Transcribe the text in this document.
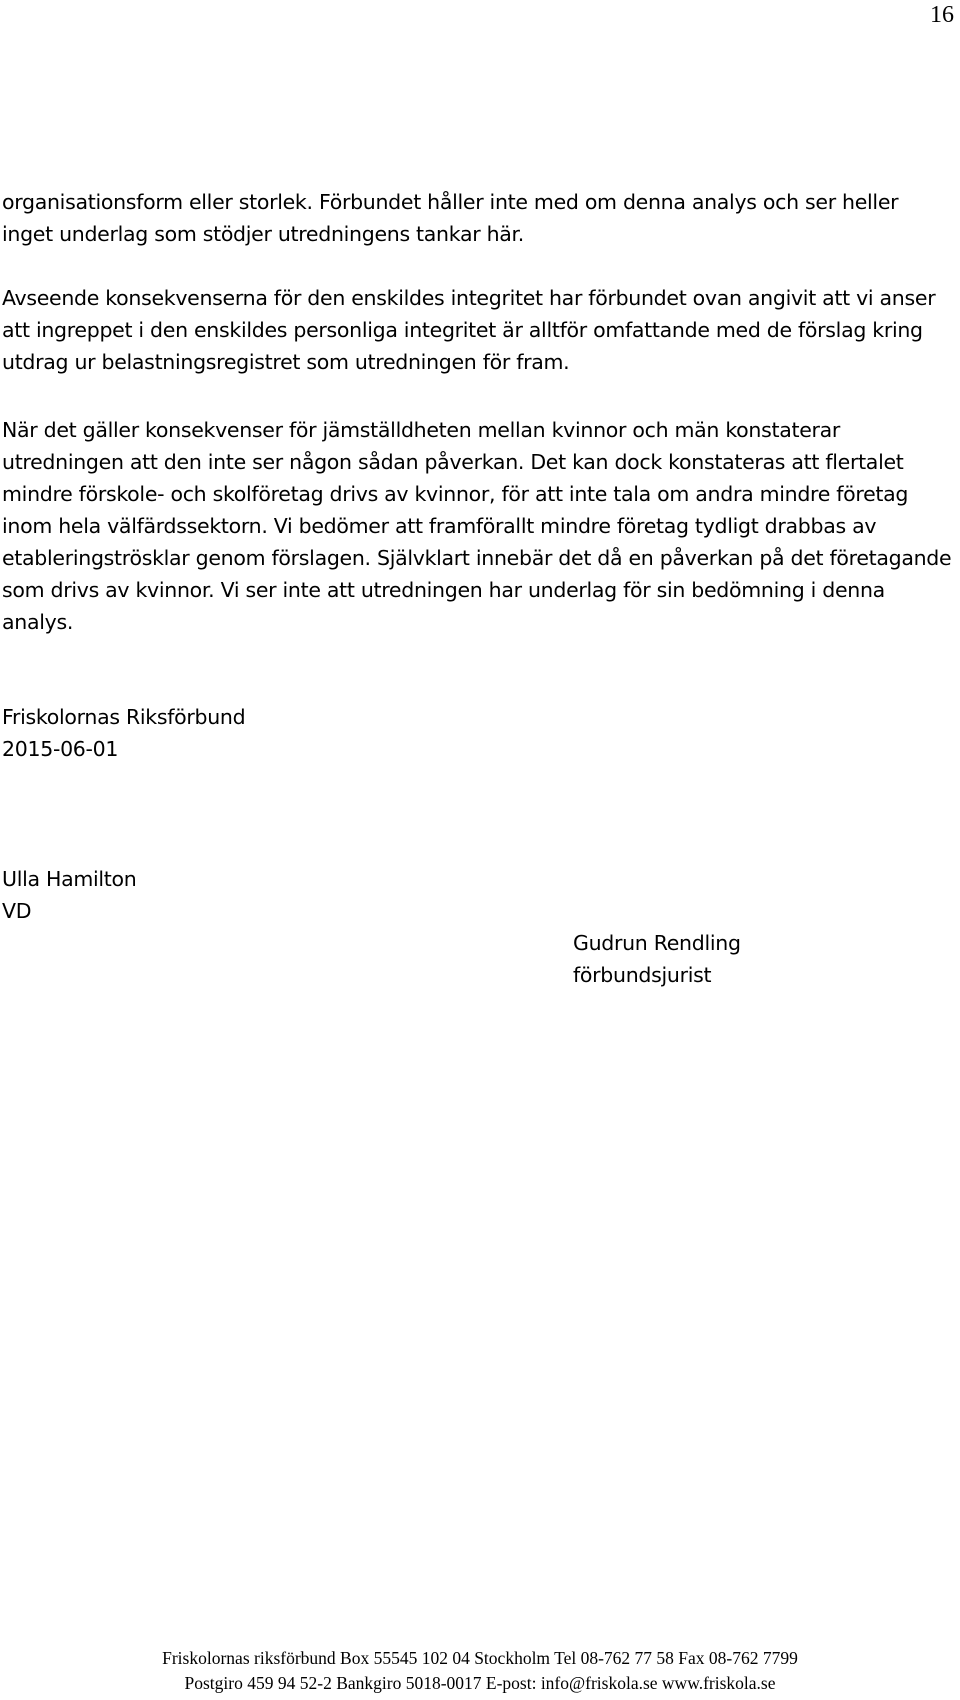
16

organisationsform eller storlek. Förbundet håller inte med om denna analys och ser heller inget underlag som stödjer utredningens tankar här.

Avseende konsekvenserna för den enskildes integritet har förbundet ovan angivit att vi anser att ingreppet i den enskildes personliga integritet är alltför omfattande med de förslag kring utdrag ur belastningsregistret som utredningen för fram.

När det gäller konsekvenser för jämställdheten mellan kvinnor och män konstaterar utredningen att den inte ser någon sådan påverkan. Det kan dock konstateras att flertalet mindre förskole- och skolföretag drivs av kvinnor, för att inte tala om andra mindre företag inom hela välfärdssektorn. Vi bedömer att framförallt mindre företag tydligt drabbas av etableringströsklar genom förslagen. Självklart innebär det då en påverkan på det företagande som drivs av kvinnor. Vi ser inte att utredningen har underlag för sin bedömning i denna analys.

Friskolornas Riksförbund

2015-06-01

Ulla Hamilton

VD

Gudrun Rendling

förbundsjurist

Friskolornas riksförbund Box 55545 102 04 Stockholm Tel 08-762 77 58 Fax 08-762 7799
Postgiro 459 94 52-2 Bankgiro 5018-0017 E-post: info@friskola.se www.friskola.se
